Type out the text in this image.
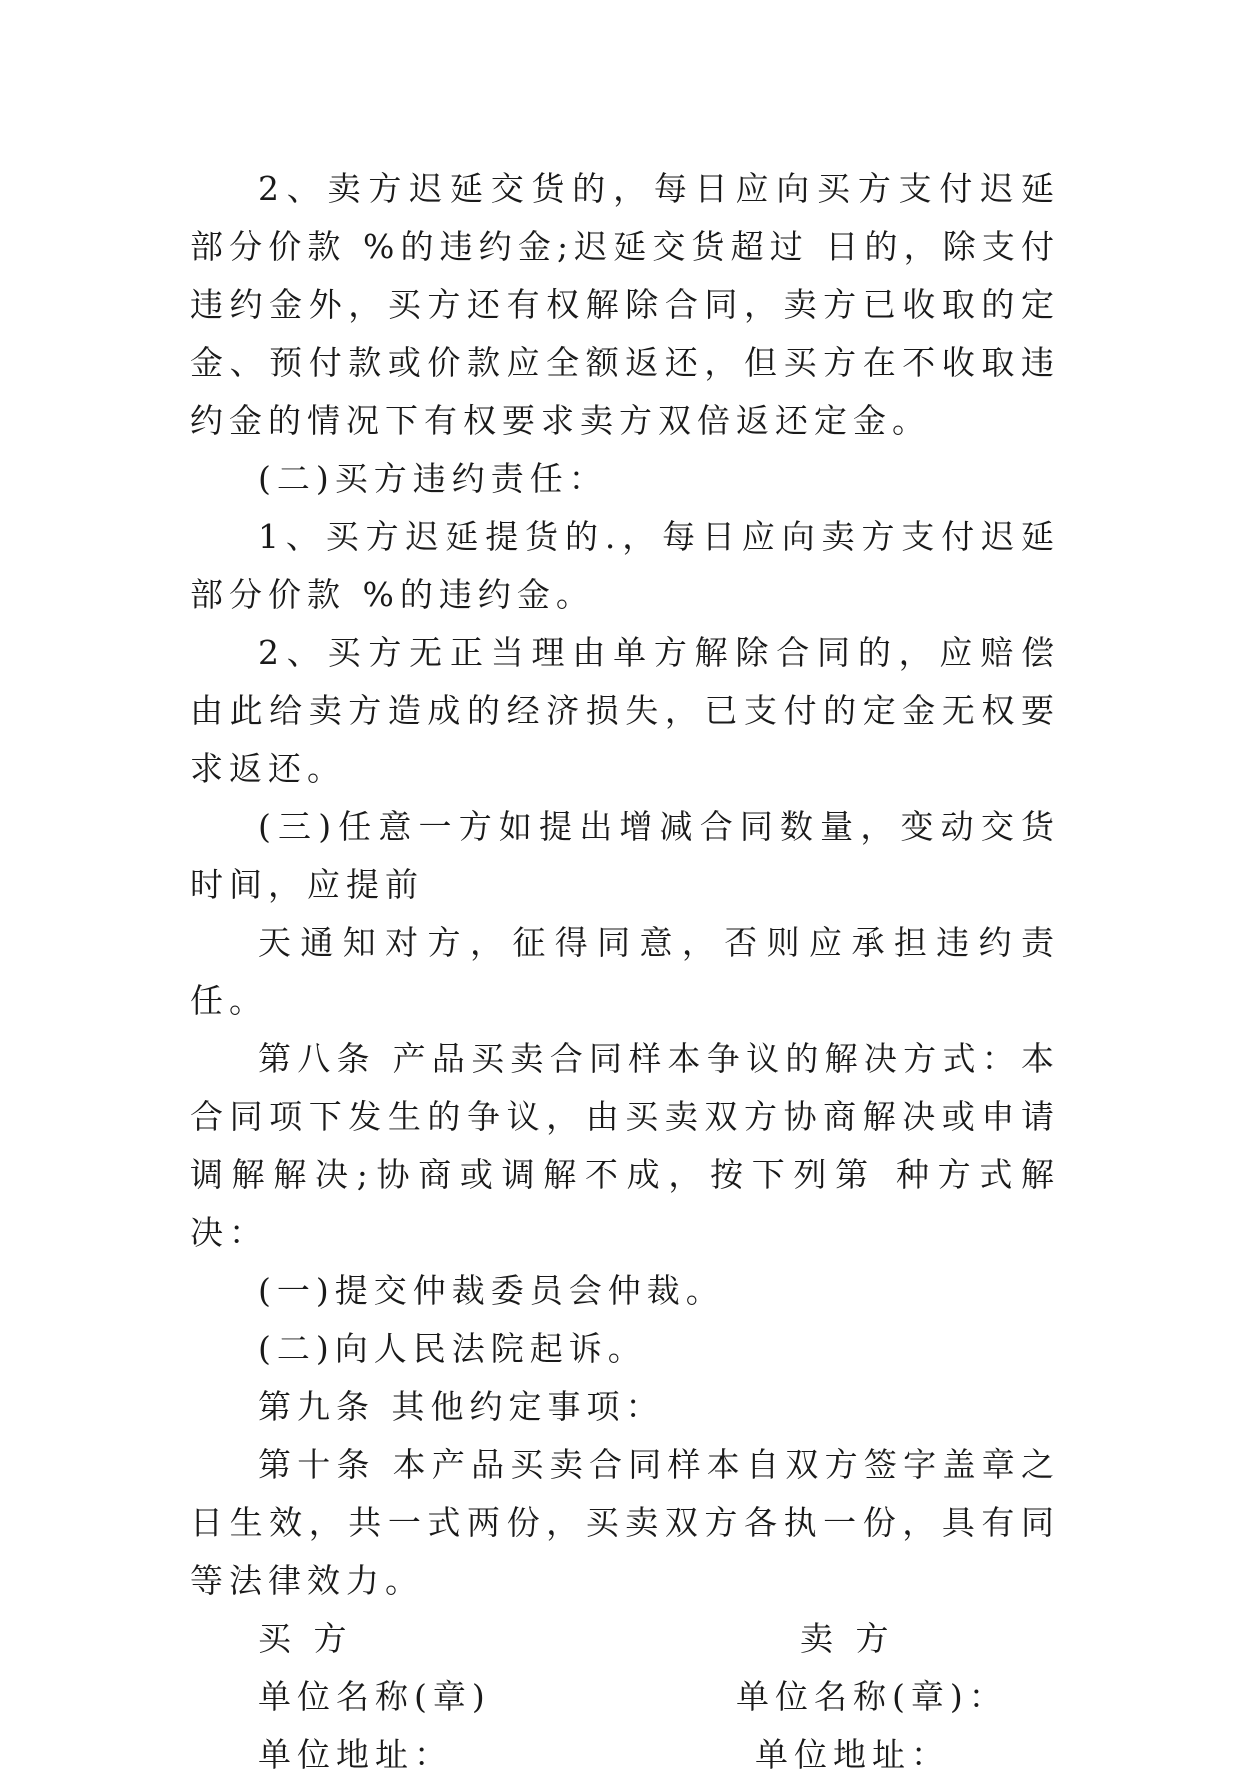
2、卖方迟延交货的，每日应向买方支付迟延部分价款 %的违约金;迟延交货超过 日的，除支付违约金外，买方还有权解除合同，卖方已收取的定金、预付款或价款应全额返还，但买方在不收取违约金的情况下有权要求卖方双倍返还定金。

(二)买方违约责任：

1、买方迟延提货的.，每日应向卖方支付迟延部分价款 %的违约金。

2、买方无正当理由单方解除合同的，应赔偿由此给卖方造成的经济损失，已支付的定金无权要求返还。

(三)任意一方如提出增减合同数量，变动交货时间，应提前

天通知对方，征得同意，否则应承担违约责任。

第八条 产品买卖合同样本争议的解决方式：本合同项下发生的争议，由买卖双方协商解决或申请调解解决;协商或调解不成，按下列第 种方式解决：

(一)提交仲裁委员会仲裁。

(二)向人民法院起诉。

第九条 其他约定事项：

第十条 本产品买卖合同样本自双方签字盖章之日生效，共一式两份，买卖双方各执一份，具有同等法律效力。

买 方	卖 方
单位名称(章)	单位名称(章)：
单位地址：	单位地址：
